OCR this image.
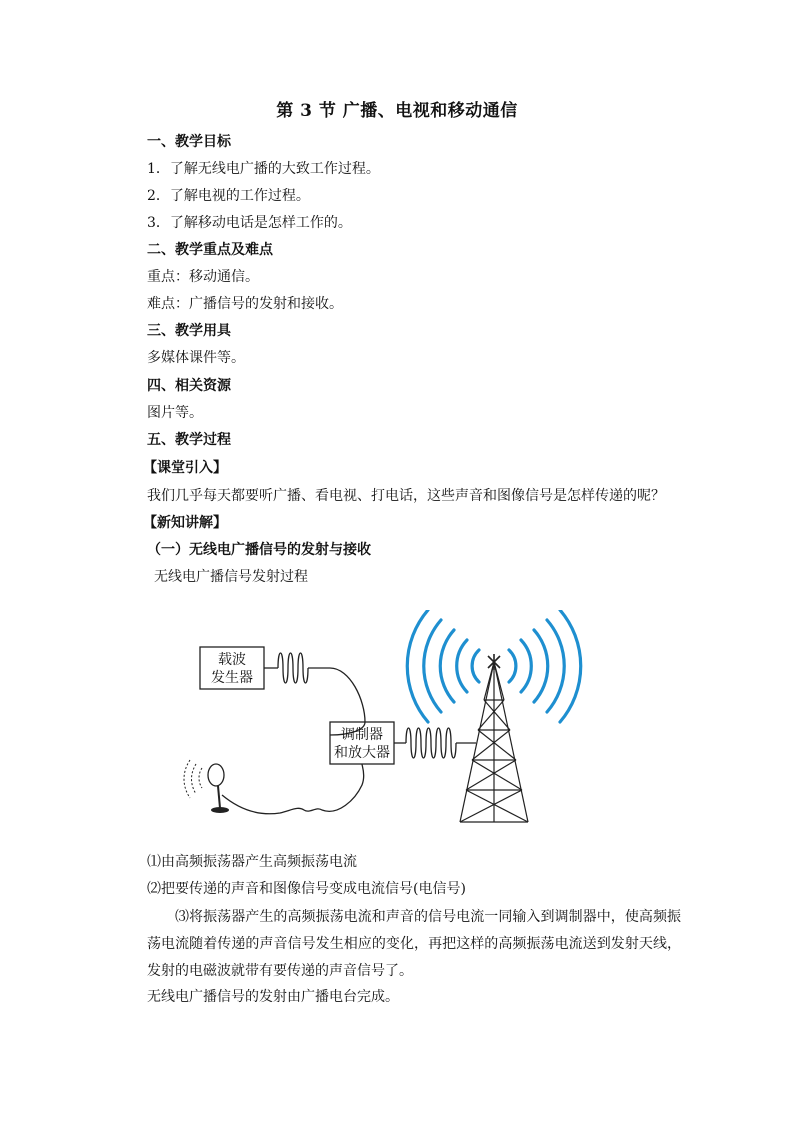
第 3 节 广播、电视和移动通信
一、教学目标
1．了解无线电广播的大致工作过程。
2．了解电视的工作过程。
3．了解移动电话是怎样工作的。
二、教学重点及难点
重点：移动通信。
难点：广播信号的发射和接收。
三、教学用具
多媒体课件等。
四、相关资源
图片等。
五、教学过程
【课堂引入】
我们几乎每天都要听广播、看电视、打电话，这些声音和图像信号是怎样传递的呢？
【新知讲解】
（一）无线电广播信号的发射与接收
无线电广播信号发射过程
载波
发生器
调制器
和放大器
⑴由高频振荡器产生高频振荡电流
⑵把要传递的声音和图像信号变成电流信号(电信号)
⑶将振荡器产生的高频振荡电流和声音的信号电流一同输入到调制器中，使高频振荡电流随着传递的声音信号发生相应的变化，再把这样的高频振荡电流送到发射天线，发射的电磁波就带有要传递的声音信号了。
无线电广播信号的发射由广播电台完成。
